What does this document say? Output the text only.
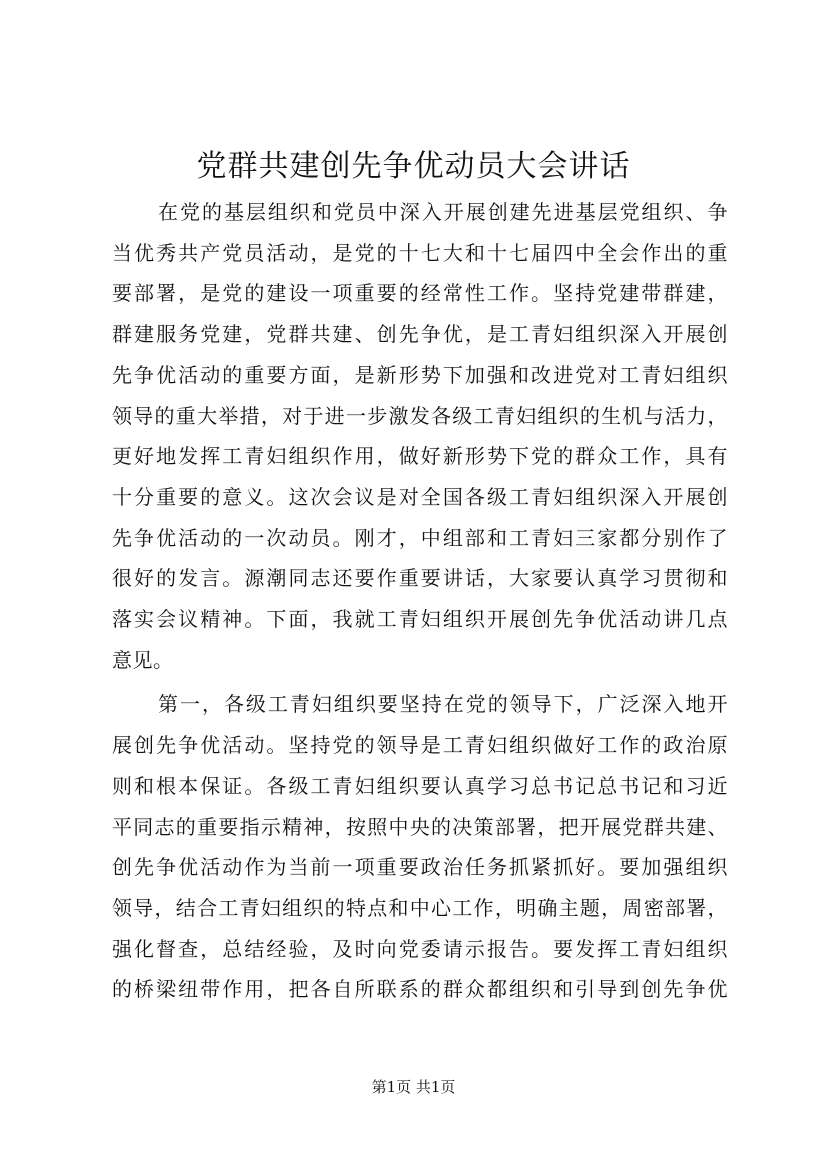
党群共建创先争优动员大会讲话

在党的基层组织和党员中深入开展创建先进基层党组织、争
当优秀共产党员活动，是党的十七大和十七届四中全会作出的重
要部署，是党的建设一项重要的经常性工作。坚持党建带群建，
群建服务党建，党群共建、创先争优，是工青妇组织深入开展创
先争优活动的重要方面，是新形势下加强和改进党对工青妇组织
领导的重大举措，对于进一步激发各级工青妇组织的生机与活力，
更好地发挥工青妇组织作用，做好新形势下党的群众工作，具有
十分重要的意义。这次会议是对全国各级工青妇组织深入开展创
先争优活动的一次动员。刚才，中组部和工青妇三家都分别作了
很好的发言。源潮同志还要作重要讲话，大家要认真学习贯彻和
落实会议精神。下面，我就工青妇组织开展创先争优活动讲几点
意见。

第一，各级工青妇组织要坚持在党的领导下，广泛深入地开
展创先争优活动。坚持党的领导是工青妇组织做好工作的政治原
则和根本保证。各级工青妇组织要认真学习总书记总书记和习近
平同志的重要指示精神，按照中央的决策部署，把开展党群共建、
创先争优活动作为当前一项重要政治任务抓紧抓好。要加强组织
领导，结合工青妇组织的特点和中心工作，明确主题，周密部署，
强化督查，总结经验，及时向党委请示报告。要发挥工青妇组织
的桥梁纽带作用，把各自所联系的群众都组织和引导到创先争优

第1页 共1页
